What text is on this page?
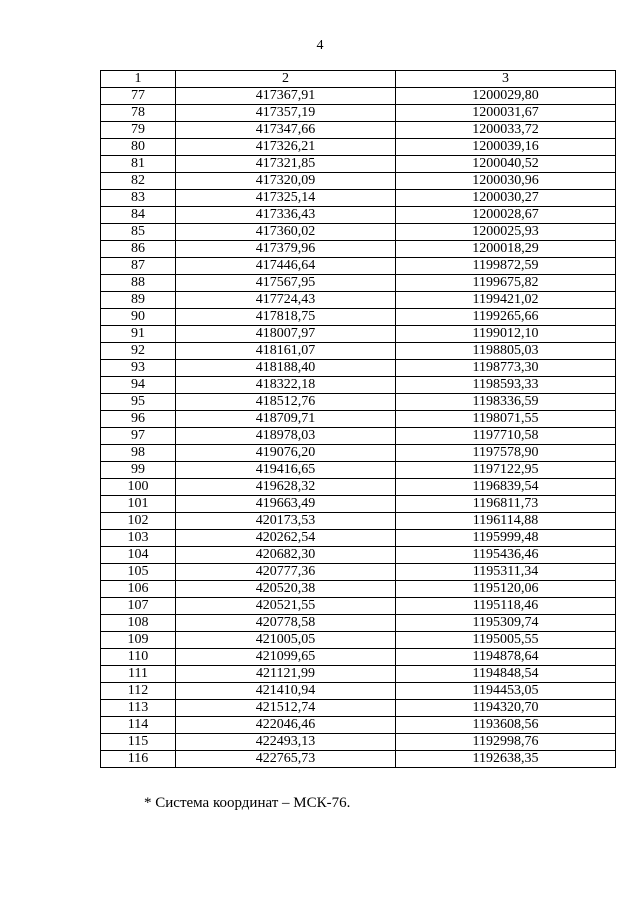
4
1	2	3
77	417367,91	1200029,80
78	417357,19	1200031,67
79	417347,66	1200033,72
80	417326,21	1200039,16
81	417321,85	1200040,52
82	417320,09	1200030,96
83	417325,14	1200030,27
84	417336,43	1200028,67
85	417360,02	1200025,93
86	417379,96	1200018,29
87	417446,64	1199872,59
88	417567,95	1199675,82
89	417724,43	1199421,02
90	417818,75	1199265,66
91	418007,97	1199012,10
92	418161,07	1198805,03
93	418188,40	1198773,30
94	418322,18	1198593,33
95	418512,76	1198336,59
96	418709,71	1198071,55
97	418978,03	1197710,58
98	419076,20	1197578,90
99	419416,65	1197122,95
100	419628,32	1196839,54
101	419663,49	1196811,73
102	420173,53	1196114,88
103	420262,54	1195999,48
104	420682,30	1195436,46
105	420777,36	1195311,34
106	420520,38	1195120,06
107	420521,55	1195118,46
108	420778,58	1195309,74
109	421005,05	1195005,55
110	421099,65	1194878,64
111	421121,99	1194848,54
112	421410,94	1194453,05
113	421512,74	1194320,70
114	422046,46	1193608,56
115	422493,13	1192998,76
116	422765,73	1192638,35
* Система координат – МСК-76.
